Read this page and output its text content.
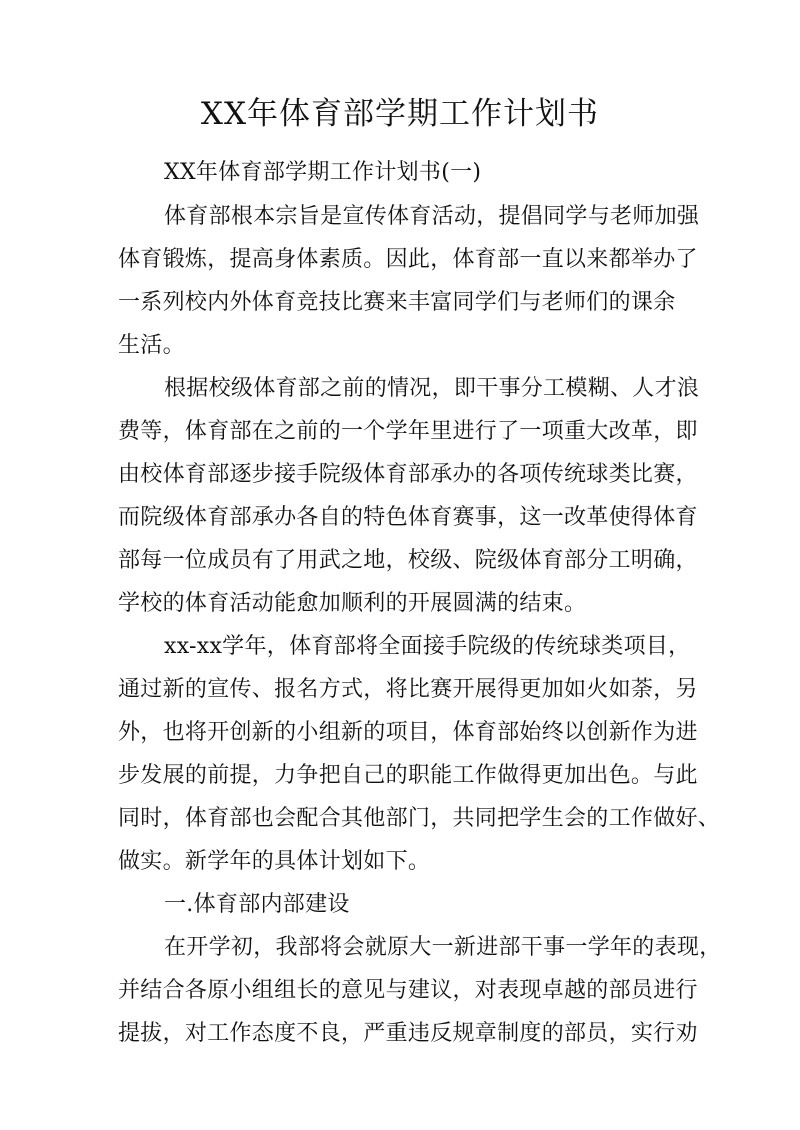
XX年体育部学期工作计划书
XX年体育部学期工作计划书(一)
体育部根本宗旨是宣传体育活动，提倡同学与老师加强
体育锻炼，提高身体素质。因此，体育部一直以来都举办了
一系列校内外体育竞技比赛来丰富同学们与老师们的课余
生活。
根据校级体育部之前的情况，即干事分工模糊、人才浪
费等，体育部在之前的一个学年里进行了一项重大改革，即
由校体育部逐步接手院级体育部承办的各项传统球类比赛，
而院级体育部承办各自的特色体育赛事，这一改革使得体育
部每一位成员有了用武之地，校级、院级体育部分工明确，
学校的体育活动能愈加顺利的开展圆满的结束。
xx-xx学年，体育部将全面接手院级的传统球类项目，
通过新的宣传、报名方式，将比赛开展得更加如火如荼，另
外，也将开创新的小组新的项目，体育部始终以创新作为进
步发展的前提，力争把自己的职能工作做得更加出色。与此
同时，体育部也会配合其他部门，共同把学生会的工作做好、
做实。新学年的具体计划如下。
一.体育部内部建设
在开学初，我部将会就原大一新进部干事一学年的表现，
并结合各原小组组长的意见与建议，对表现卓越的部员进行
提拔，对工作态度不良，严重违反规章制度的部员，实行劝
